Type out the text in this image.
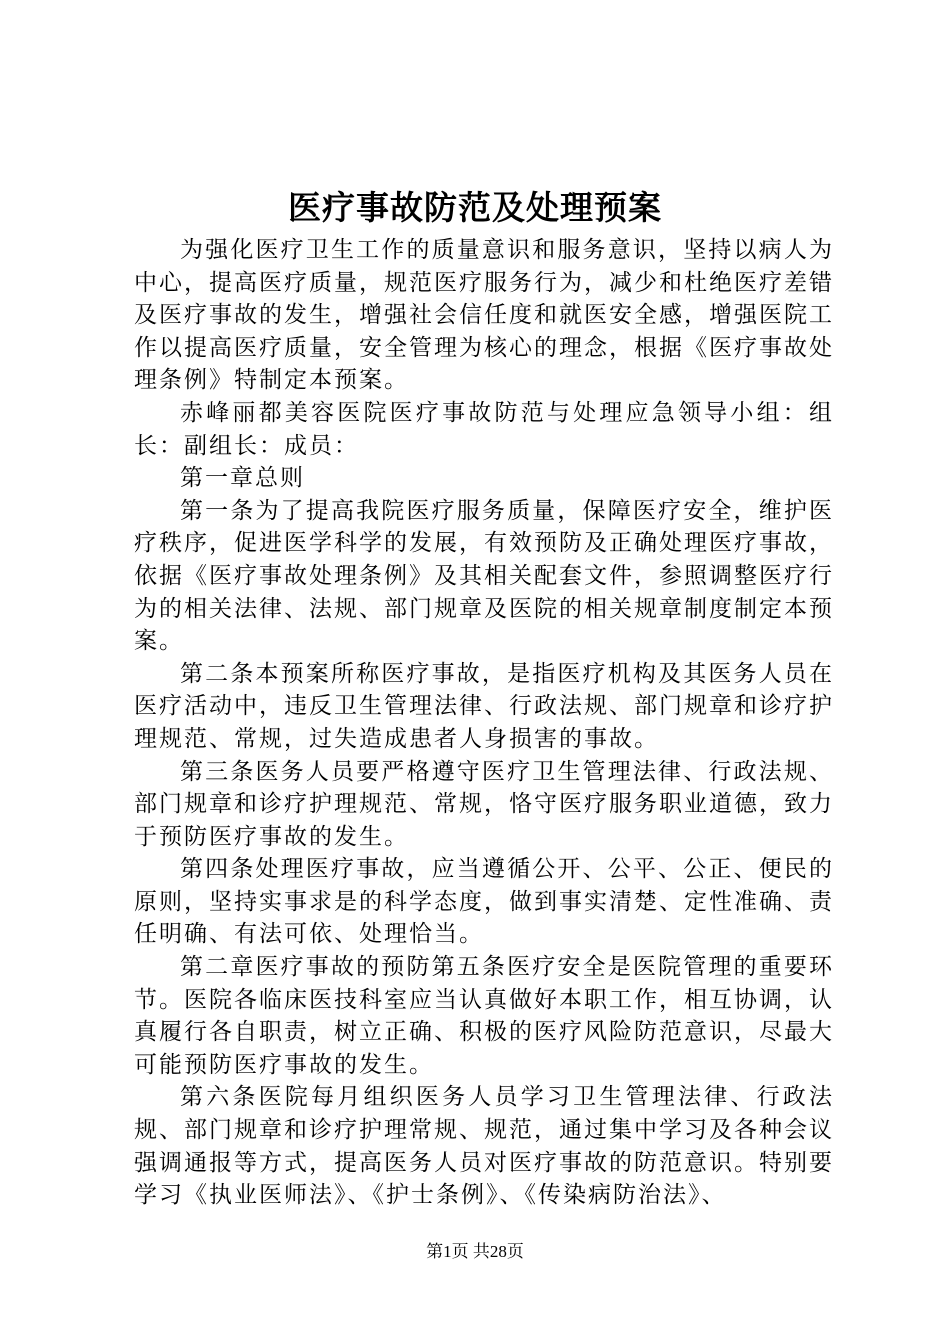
医疗事故防范及处理预案

为强化医疗卫生工作的质量意识和服务意识，坚持以病人为中心，提高医疗质量，规范医疗服务行为，减少和杜绝医疗差错及医疗事故的发生，增强社会信任度和就医安全感，增强医院工作以提高医疗质量，安全管理为核心的理念，根据《医疗事故处理条例》特制定本预案。

赤峰丽都美容医院医疗事故防范与处理应急领导小组：组长：副组长：成员：

第一章总则

第一条为了提高我院医疗服务质量，保障医疗安全，维护医疗秩序，促进医学科学的发展，有效预防及正确处理医疗事故，依据《医疗事故处理条例》及其相关配套文件，参照调整医疗行为的相关法律、法规、部门规章及医院的相关规章制度制定本预案。

第二条本预案所称医疗事故，是指医疗机构及其医务人员在医疗活动中，违反卫生管理法律、行政法规、部门规章和诊疗护理规范、常规，过失造成患者人身损害的事故。

第三条医务人员要严格遵守医疗卫生管理法律、行政法规、部门规章和诊疗护理规范、常规，恪守医疗服务职业道德，致力于预防医疗事故的发生。

第四条处理医疗事故，应当遵循公开、公平、公正、便民的原则，坚持实事求是的科学态度，做到事实清楚、定性准确、责任明确、有法可依、处理恰当。

第二章医疗事故的预防第五条医疗安全是医院管理的重要环节。医院各临床医技科室应当认真做好本职工作，相互协调，认真履行各自职责，树立正确、积极的医疗风险防范意识，尽最大可能预防医疗事故的发生。

第六条医院每月组织医务人员学习卫生管理法律、行政法规、部门规章和诊疗护理常规、规范，通过集中学习及各种会议强调通报等方式，提高医务人员对医疗事故的防范意识。特别要学习《执业医师法》、《护士条例》、《传染病防治法》、

第1页 共28页
